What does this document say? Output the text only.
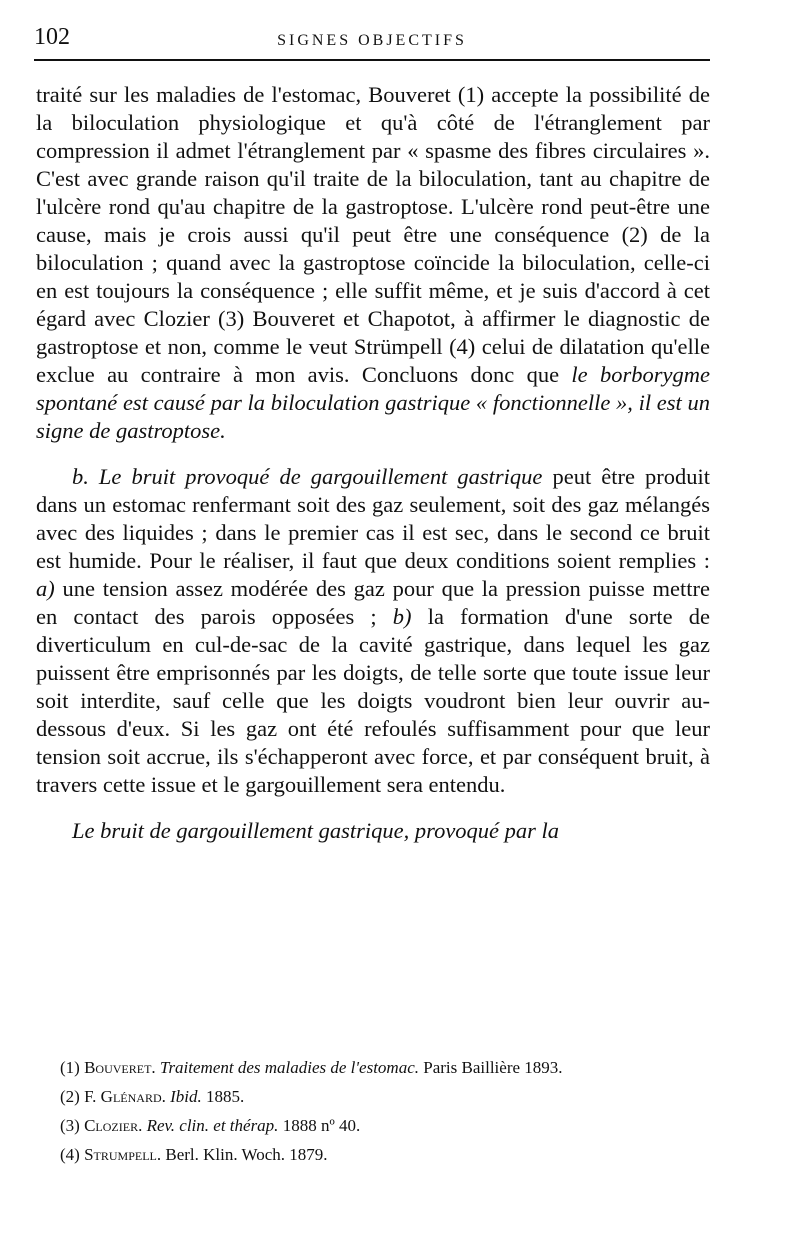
102	SIGNES OBJECTIFS

traité sur les maladies de l'estomac, Bouveret (1) accepte la possibilité de la biloculation physiologique et qu'à côté de l'étranglement par compression il admet l'étranglement par « spasme des fibres circulaires ». C'est avec grande raison qu'il traite de la biloculation, tant au chapitre de l'ulcère rond qu'au chapitre de la gastroptose. L'ulcère rond peut-être une cause, mais je crois aussi qu'il peut être une conséquence (2) de la biloculation ; quand avec la gastroptose coïncide la biloculation, celle-ci en est toujours la conséquence ; elle suffit même, et je suis d'accord à cet égard avec Clozier (3) Bouveret et Chapotot, à affirmer le diagnostic de gastroptose et non, comme le veut Strümpell (4) celui de dilatation qu'elle exclue au contraire à mon avis. Concluons donc que le borborygme spontané est causé par la biloculation gastrique « fonctionnelle », il est un signe de gastroptose.

b. Le bruit provoqué de gargouillement gastrique peut être produit dans un estomac renfermant soit des gaz seulement, soit des gaz mélangés avec des liquides ; dans le premier cas il est sec, dans le second ce bruit est humide. Pour le réaliser, il faut que deux conditions soient remplies : a) une tension assez modérée des gaz pour que la pression puisse mettre en contact des parois opposées ; b) la formation d'une sorte de diverticulum en cul-de-sac de la cavité gastrique, dans lequel les gaz puissent être emprisonnés par les doigts, de telle sorte que toute issue leur soit interdite, sauf celle que les doigts voudront bien leur ouvrir au-dessous d'eux. Si les gaz ont été refoulés suffisamment pour que leur tension soit accrue, ils s'échapperont avec force, et par conséquent bruit, à travers cette issue et le gargouillement sera entendu.

Le bruit de gargouillement gastrique, provoqué par la

(1) Bouveret. Traitement des maladies de l'estomac. Paris Baillière 1893.

(2) F. Glénard. Ibid. 1885.

(3) Clozier. Rev. clin. et thérap. 1888 nº 40.

(4) Strumpell. Berl. Klin. Woch. 1879.
